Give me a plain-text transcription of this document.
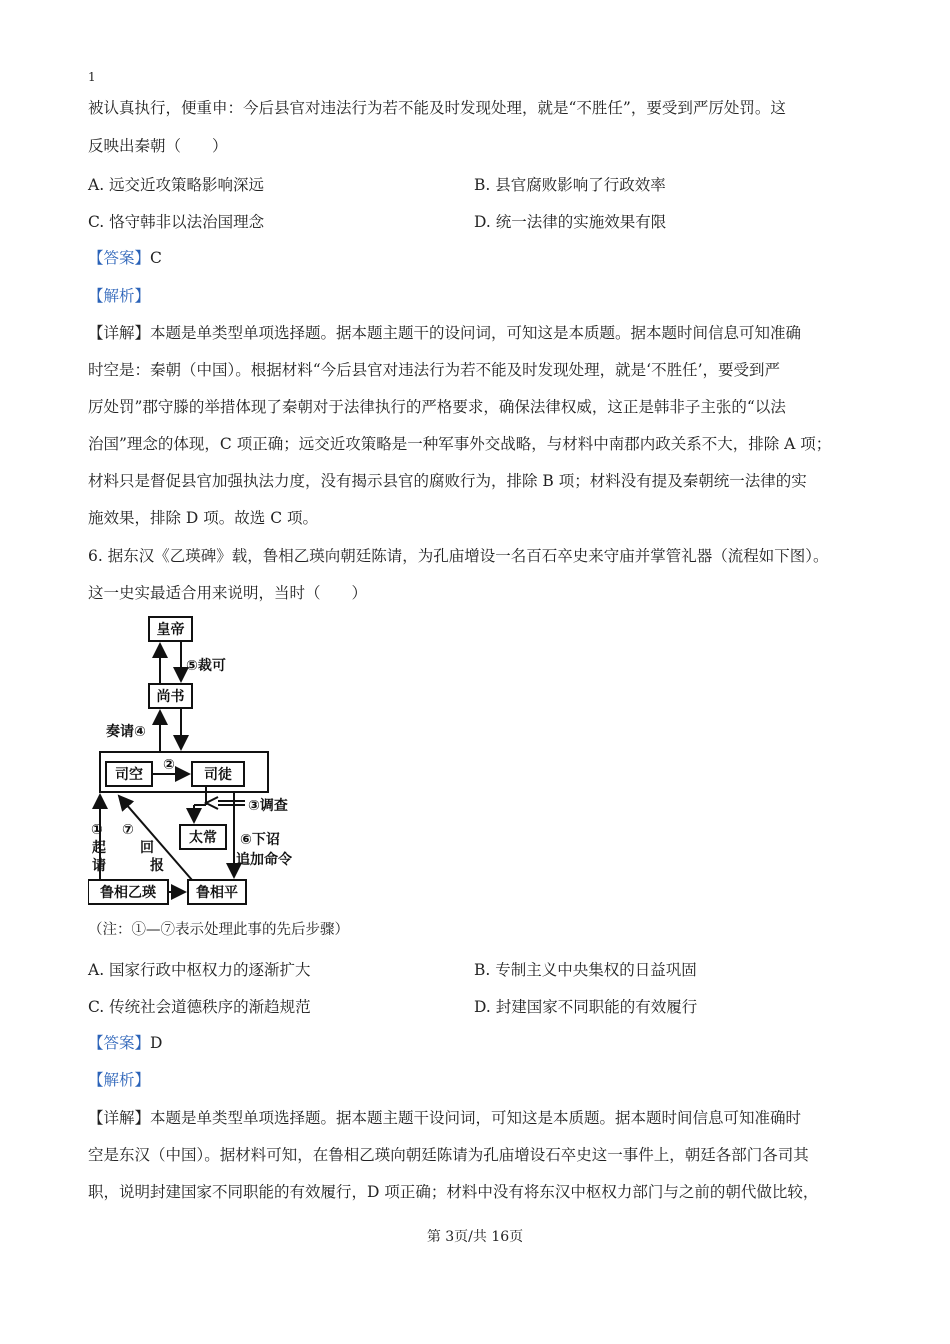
1
被认真执行，便重申：今后县官对违法行为若不能及时发现处理，就是“不胜任”，要受到严厉处罚。这
反映出秦朝（　　）
A. 远交近攻策略影响深远	B. 县官腐败影响了行政效率
C. 恪守韩非以法治国理念	D. 统一法律的实施效果有限
【答案】C
【解析】
【详解】本题是单类型单项选择题。据本题主题干的设问词，可知这是本质题。据本题时间信息可知准确
时空是：秦朝（中国）。根据材料“今后县官对违法行为若不能及时发现处理，就是‘不胜任’，要受到严
厉处罚”郡守滕的举措体现了秦朝对于法律执行的严格要求，确保法律权威，这正是韩非子主张的“以法
治国”理念的体现，C 项正确；远交近攻策略是一种军事外交战略，与材料中南郡内政关系不大，排除 A 项；
材料只是督促县官加强执法力度，没有揭示县官的腐败行为，排除 B 项；材料没有提及秦朝统一法律的实
施效果，排除 D 项。故选 C 项。
6. 据东汉《乙瑛碑》载，鲁相乙瑛向朝廷陈请，为孔庙增设一名百石卒史来守庙并掌管礼器（流程如下图）。
这一史实最适合用来说明，当时（　　）
皇帝
尚书
司空	司徒
太常
鲁相乙瑛	鲁相平
⑤裁可
奏请④
②
③调查
⑥下诏
追加命令
①
起
请
⑦
回
报
（注：①—⑦表示处理此事的先后步骤）
A. 国家行政中枢权力的逐渐扩大	B. 专制主义中央集权的日益巩固
C. 传统社会道德秩序的渐趋规范	D. 封建国家不同职能的有效履行
【答案】D
【解析】
【详解】本题是单类型单项选择题。据本题主题干设问词，可知这是本质题。据本题时间信息可知准确时
空是东汉（中国）。据材料可知，在鲁相乙瑛向朝廷陈请为孔庙增设石卒史这一事件上，朝廷各部门各司其
职，说明封建国家不同职能的有效履行，D 项正确；材料中没有将东汉中枢权力部门与之前的朝代做比较，
第 3页/共 16页
